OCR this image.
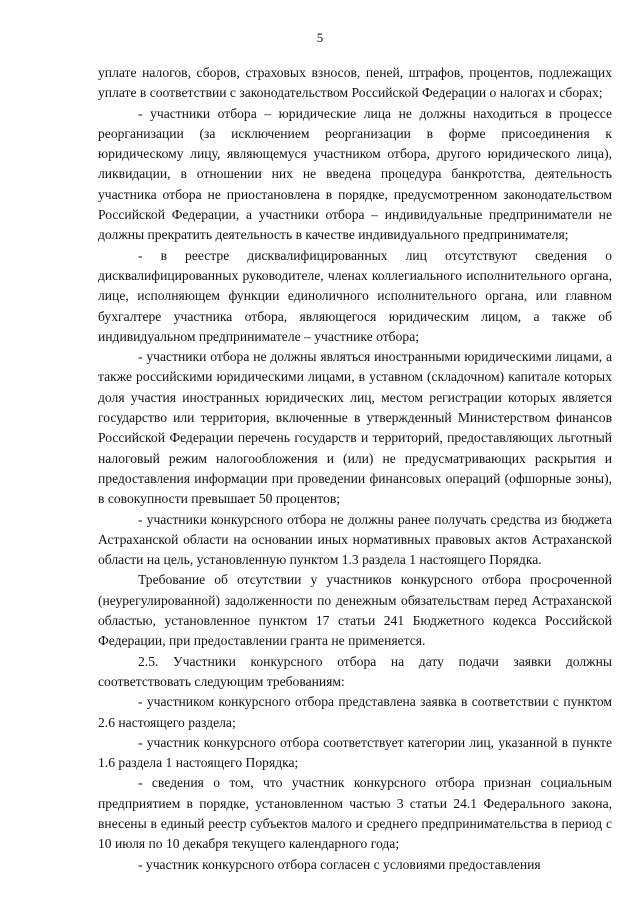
5

уплате налогов, сборов, страховых взносов, пеней, штрафов, процентов, подлежащих уплате в соответствии с законодательством Российской Федерации о налогах и сборах;

- участники отбора – юридические лица не должны находиться в процессе реорганизации (за исключением реорганизации в форме присоединения к юридическому лицу, являющемуся участником отбора, другого юридического лица), ликвидации, в отношении них не введена процедура банкротства, деятельность участника отбора не приостановлена в порядке, предусмотренном законодательством Российской Федерации, а участники отбора – индивидуальные предприниматели не должны прекратить деятельность в качестве индивидуального предпринимателя;

- в реестре дисквалифицированных лиц отсутствуют сведения о дисквалифицированных руководителе, членах коллегиального исполнительного органа, лице, исполняющем функции единоличного исполнительного органа, или главном бухгалтере участника отбора, являющегося юридическим лицом, а также об индивидуальном предпринимателе – участнике отбора;

- участники отбора не должны являться иностранными юридическими лицами, а также российскими юридическими лицами, в уставном (складочном) капитале которых доля участия иностранных юридических лиц, местом регистрации которых является государство или территория, включенные в утвержденный Министерством финансов Российской Федерации перечень государств и территорий, предоставляющих льготный налоговый режим налогообложения и (или) не предусматривающих раскрытия и предоставления информации при проведении финансовых операций (офшорные зоны), в совокупности превышает 50 процентов;

- участники конкурсного отбора не должны ранее получать средства из бюджета Астраханской области на основании иных нормативных правовых актов Астраханской области на цель, установленную пунктом 1.3 раздела 1 настоящего Порядка.

Требование об отсутствии у участников конкурсного отбора просроченной (неурегулированной) задолженности по денежным обязательствам перед Астраханской областью, установленное пунктом 17 статьи 241 Бюджетного кодекса Российской Федерации, при предоставлении гранта не применяется.

2.5. Участники конкурсного отбора на дату подачи заявки должны соответствовать следующим требованиям:

- участником конкурсного отбора представлена заявка в соответствии с пунктом 2.6 настоящего раздела;

- участник конкурсного отбора соответствует категории лиц, указанной в пункте 1.6 раздела 1 настоящего Порядка;

- сведения о том, что участник конкурсного отбора признан социальным предприятием в порядке, установленном частью 3 статьи 24.1 Федерального закона, внесены в единый реестр субъектов малого и среднего предпринимательства в период с 10 июля по 10 декабря текущего календарного года;

- участник конкурсного отбора согласен с условиями предоставления
